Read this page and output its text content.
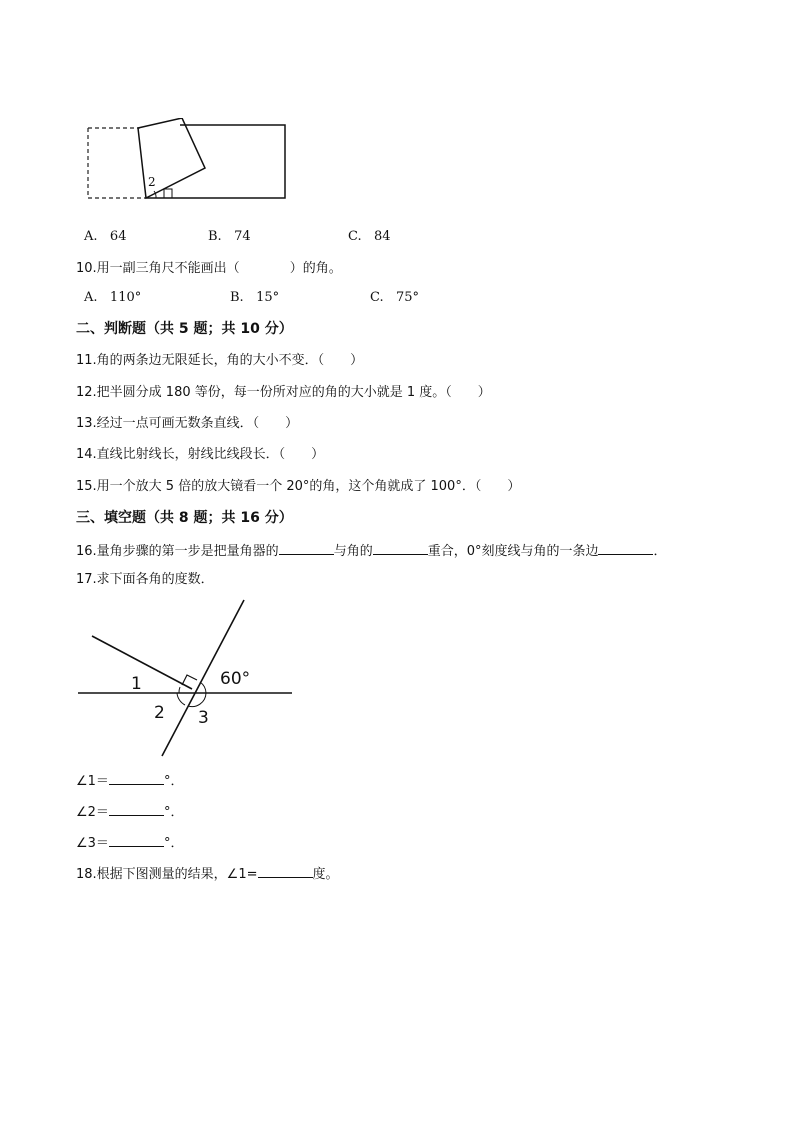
2
A.   64	B.   74	C.   84
10.用一副三角尺不能画出（	）的角。
A.   110°	B.   15°	C.   75°
二、判断题（共 5 题；共 10 分）
11.角的两条边无限延长，角的大小不变．（　　）
12.把半圆分成 180 等份，每一份所对应的角的大小就是 1 度。（　　）
13.经过一点可画无数条直线．（　　）
14.直线比射线长，射线比线段长．（　　）
15.用一个放大 5 倍的放大镜看一个 20°的角，这个角就成了 100°．（　　）
三、填空题（共 8 题；共 16 分）
16.量角步骤的第一步是把量角器的	与角的	重合，0°刻度线与角的一条边	．
17.求下面各角的度数．
1
2 3
60°
∠1＝	°．
∠2＝	°．
∠3＝	°．
18.根据下图测量的结果，∠1=	度。
